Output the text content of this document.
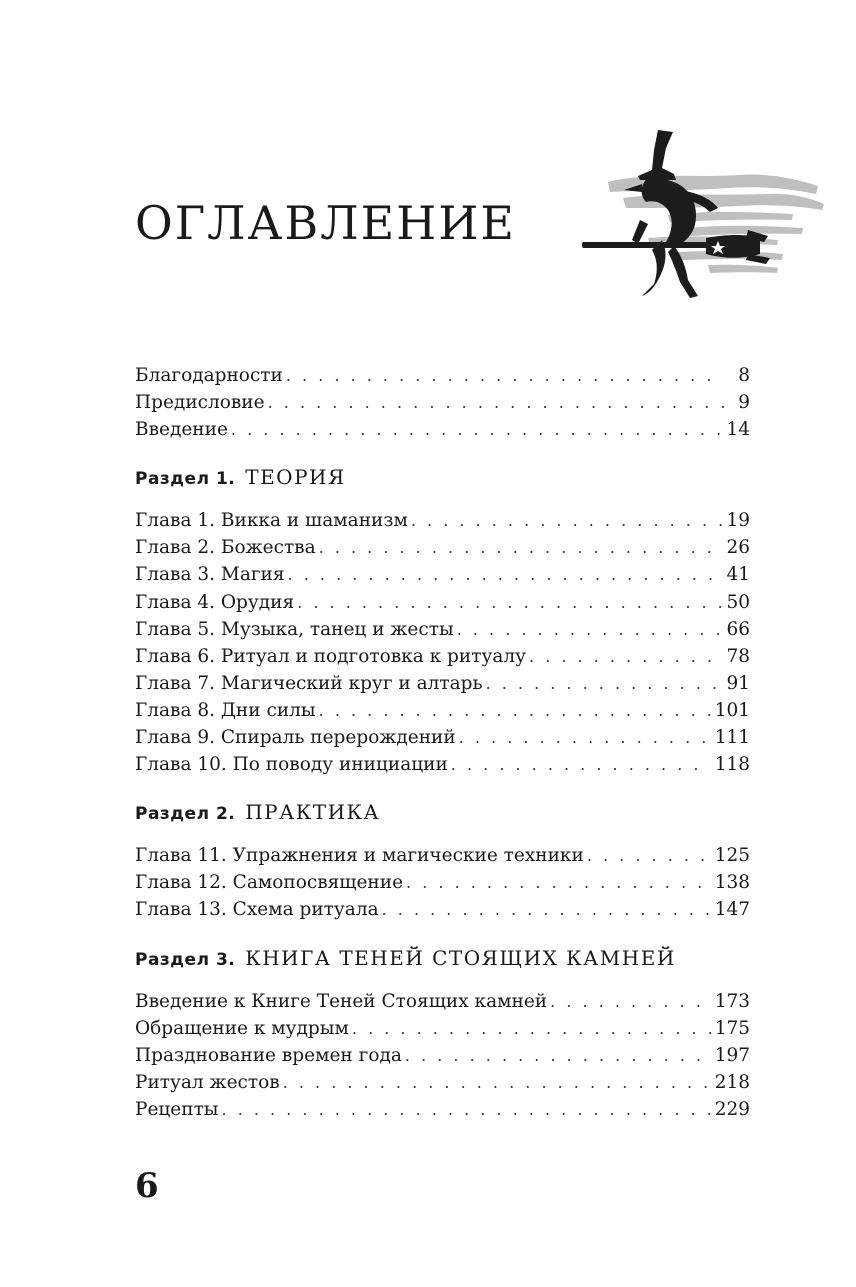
ОГЛАВЛЕНИЕ
Благодарности . . .	8
Предисловие . . .	9
Введение . . .	14
Раздел 1. ТЕОРИЯ
Глава 1. Викка и шаманизм . . .	19
Глава 2. Божества . . .	26
Глава 3. Магия . . .	41
Глава 4. Орудия . . .	50
Глава 5. Музыка, танец и жесты . . .	66
Глава 6. Ритуал и подготовка к ритуалу . . .	78
Глава 7. Магический круг и алтарь . . .	91
Глава 8. Дни силы . . .	101
Глава 9. Спираль перерождений . . .	111
Глава 10. По поводу инициации . . .	118
Раздел 2. ПРАКТИКА
Глава 11. Упражнения и магические техники . . .	125
Глава 12. Самопосвящение . . .	138
Глава 13. Схема ритуала . . .	147
Раздел 3. КНИГА ТЕНЕЙ СТОЯЩИХ КАМНЕЙ
Введение к Книге Теней Стоящих камней . . .	173
Обращение к мудрым . . .	175
Празднование времен года . . .	197
Ритуал жестов . . .	218
Рецепты . . .	229
6
